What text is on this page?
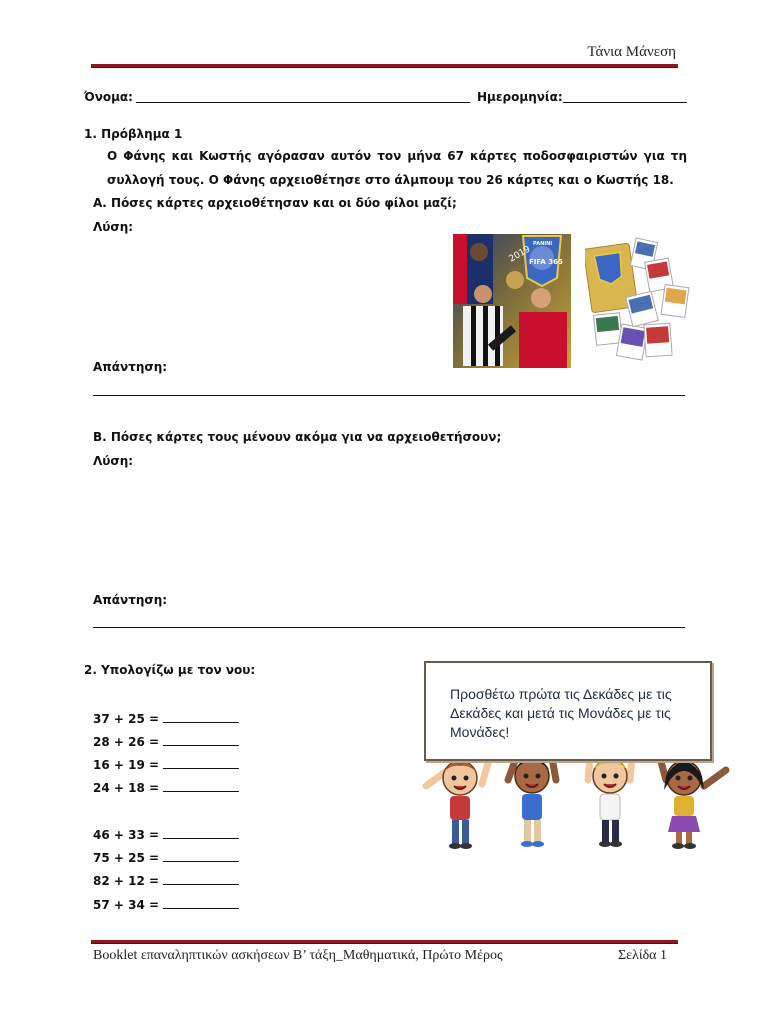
Τάνια Μάνεση
Όνομα:	Ημερομηνία:
1. Πρόβλημα 1
Ο Φάνης και Κωστής αγόρασαν αυτόν τον μήνα 67 κάρτες ποδοσφαιριστών για τη συλλογή τους. Ο Φάνης αρχειοθέτησε στο άλμπουμ του 26 κάρτες και ο Κωστής 18.
Α. Πόσες κάρτες αρχειοθέτησαν και οι δύο φίλοι μαζί;
Λύση:
2019
FIFA 365
PANINI
Απάντηση:
Β. Πόσες κάρτες τους μένουν ακόμα για να αρχειοθετήσουν;
Λύση:
Απάντηση:
2. Υπολογίζω με τον νου:
37 + 25 =
28 + 26 =
16 + 19 =
24 + 18 =
46 + 33 =
75 + 25 =
82 + 12 =
57 + 34 =
Προσθέτω πρώτα τις Δεκάδες με τις Δεκάδες και μετά τις Μονάδες με τις Μονάδες!
Booklet επαναληπτικών ασκήσεων Β’ τάξη_Μαθηματικά, Πρώτο Μέρος	Σελίδα 1
